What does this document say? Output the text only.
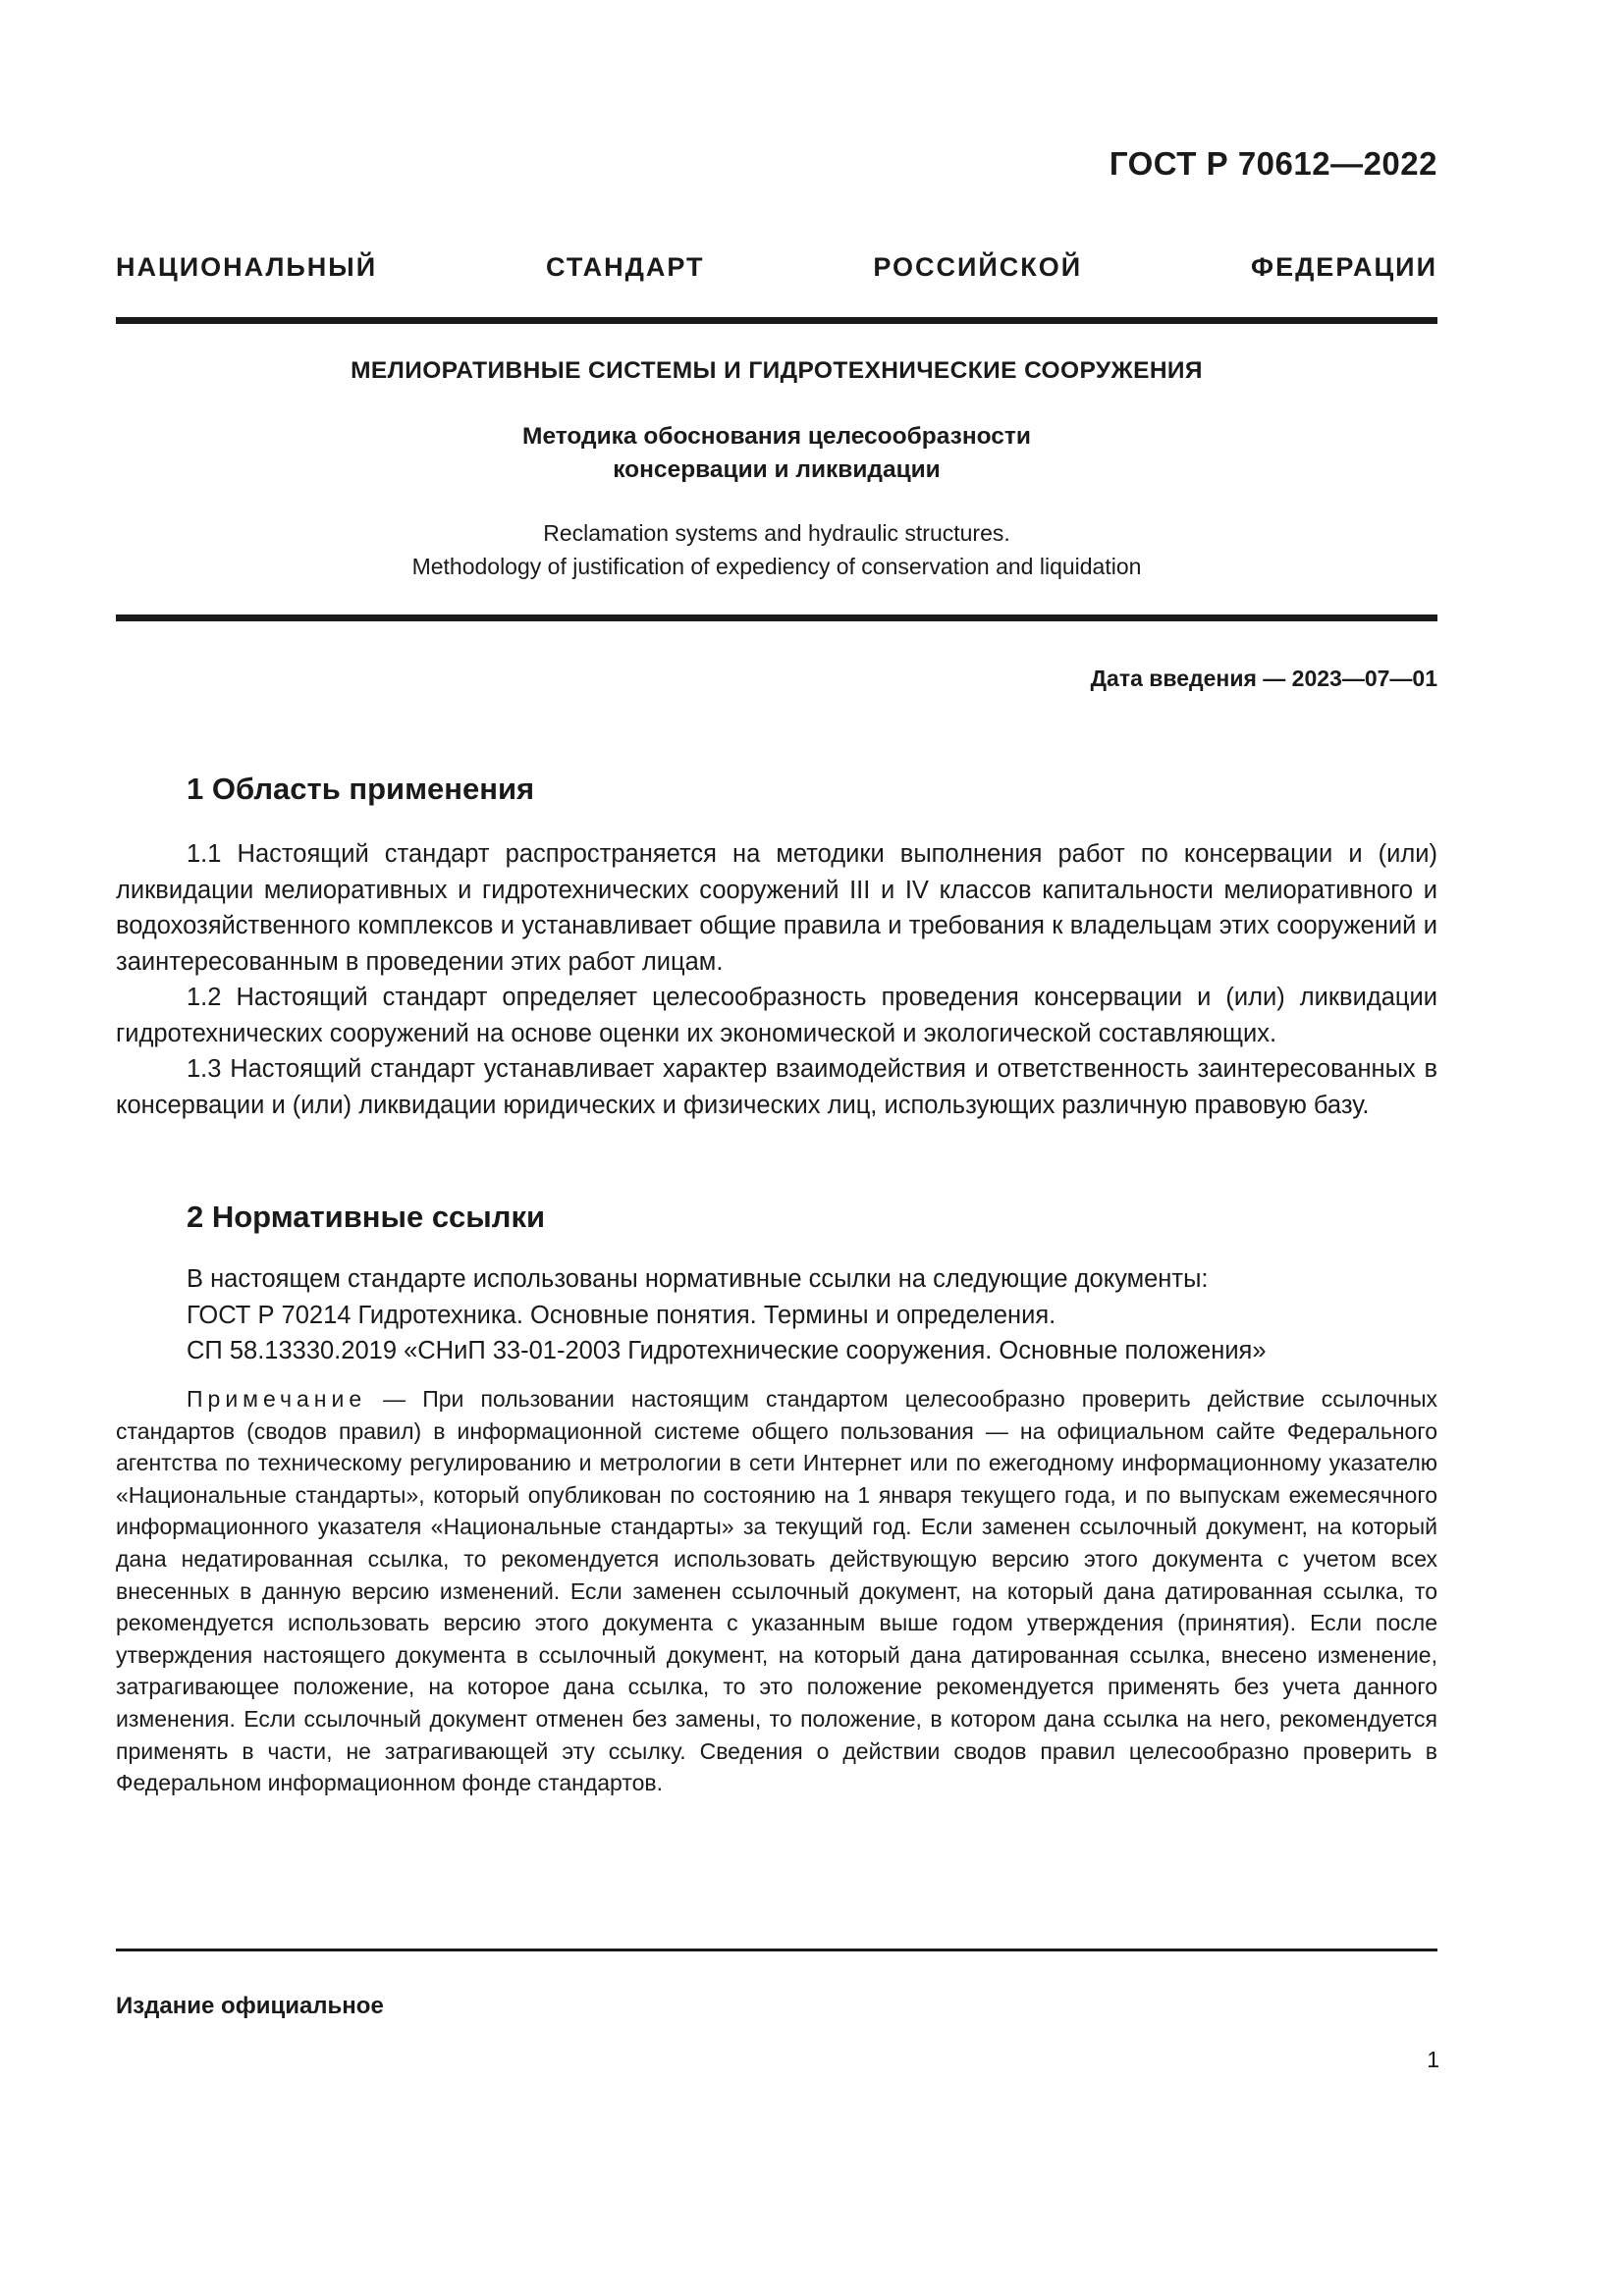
ГОСТ Р 70612—2022
НАЦИОНАЛЬНЫЙ СТАНДАРТ РОССИЙСКОЙ ФЕДЕРАЦИИ
МЕЛИОРАТИВНЫЕ СИСТЕМЫ И ГИДРОТЕХНИЧЕСКИЕ СООРУЖЕНИЯ
Методика обоснования целесообразности
консервации и ликвидации
Reclamation systems and hydraulic structures.
Methodology of justification of expediency of conservation and liquidation
Дата введения — 2023—07—01
1 Область применения

1.1 Настоящий стандарт распространяется на методики выполнения работ по консервации и (или) ликвидации мелиоративных и гидротехнических сооружений III и IV классов капитальности мелиоративного и водохозяйственного комплексов и устанавливает общие правила и требования к владельцам этих сооружений и заинтересованным в проведении этих работ лицам.

1.2 Настоящий стандарт определяет целесообразность проведения консервации и (или) ликвидации гидротехнических сооружений на основе оценки их экономической и экологической составляющих.

1.3 Настоящий стандарт устанавливает характер взаимодействия и ответственность заинтересованных в консервации и (или) ликвидации юридических и физических лиц, использующих различную правовую базу.

2 Нормативные ссылки
В настоящем стандарте использованы нормативные ссылки на следующие документы:
ГОСТ Р 70214 Гидротехника. Основные понятия. Термины и определения.
СП 58.13330.2019 «СНиП 33-01-2003 Гидротехнические сооружения. Основные положения»
Примечание — При пользовании настоящим стандартом целесообразно проверить действие ссылочных стандартов (сводов правил) в информационной системе общего пользования — на официальном сайте Федерального агентства по техническому регулированию и метрологии в сети Интернет или по ежегодному информационному указателю «Национальные стандарты», который опубликован по состоянию на 1 января текущего года, и по выпускам ежемесячного информационного указателя «Национальные стандарты» за текущий год. Если заменен ссылочный документ, на который дана недатированная ссылка, то рекомендуется использовать действующую версию этого документа с учетом всех внесенных в данную версию изменений. Если заменен ссылочный документ, на который дана датированная ссылка, то рекомендуется использовать версию этого документа с указанным выше годом утверждения (принятия). Если после утверждения настоящего документа в ссылочный документ, на который дана датированная ссылка, внесено изменение, затрагивающее положение, на которое дана ссылка, то это положение рекомендуется применять без учета данного изменения. Если ссылочный документ отменен без замены, то положение, в котором дана ссылка на него, рекомендуется применять в части, не затрагивающей эту ссылку. Сведения о действии сводов правил целесообразно проверить в Федеральном информационном фонде стандартов.
Издание официальное
1
